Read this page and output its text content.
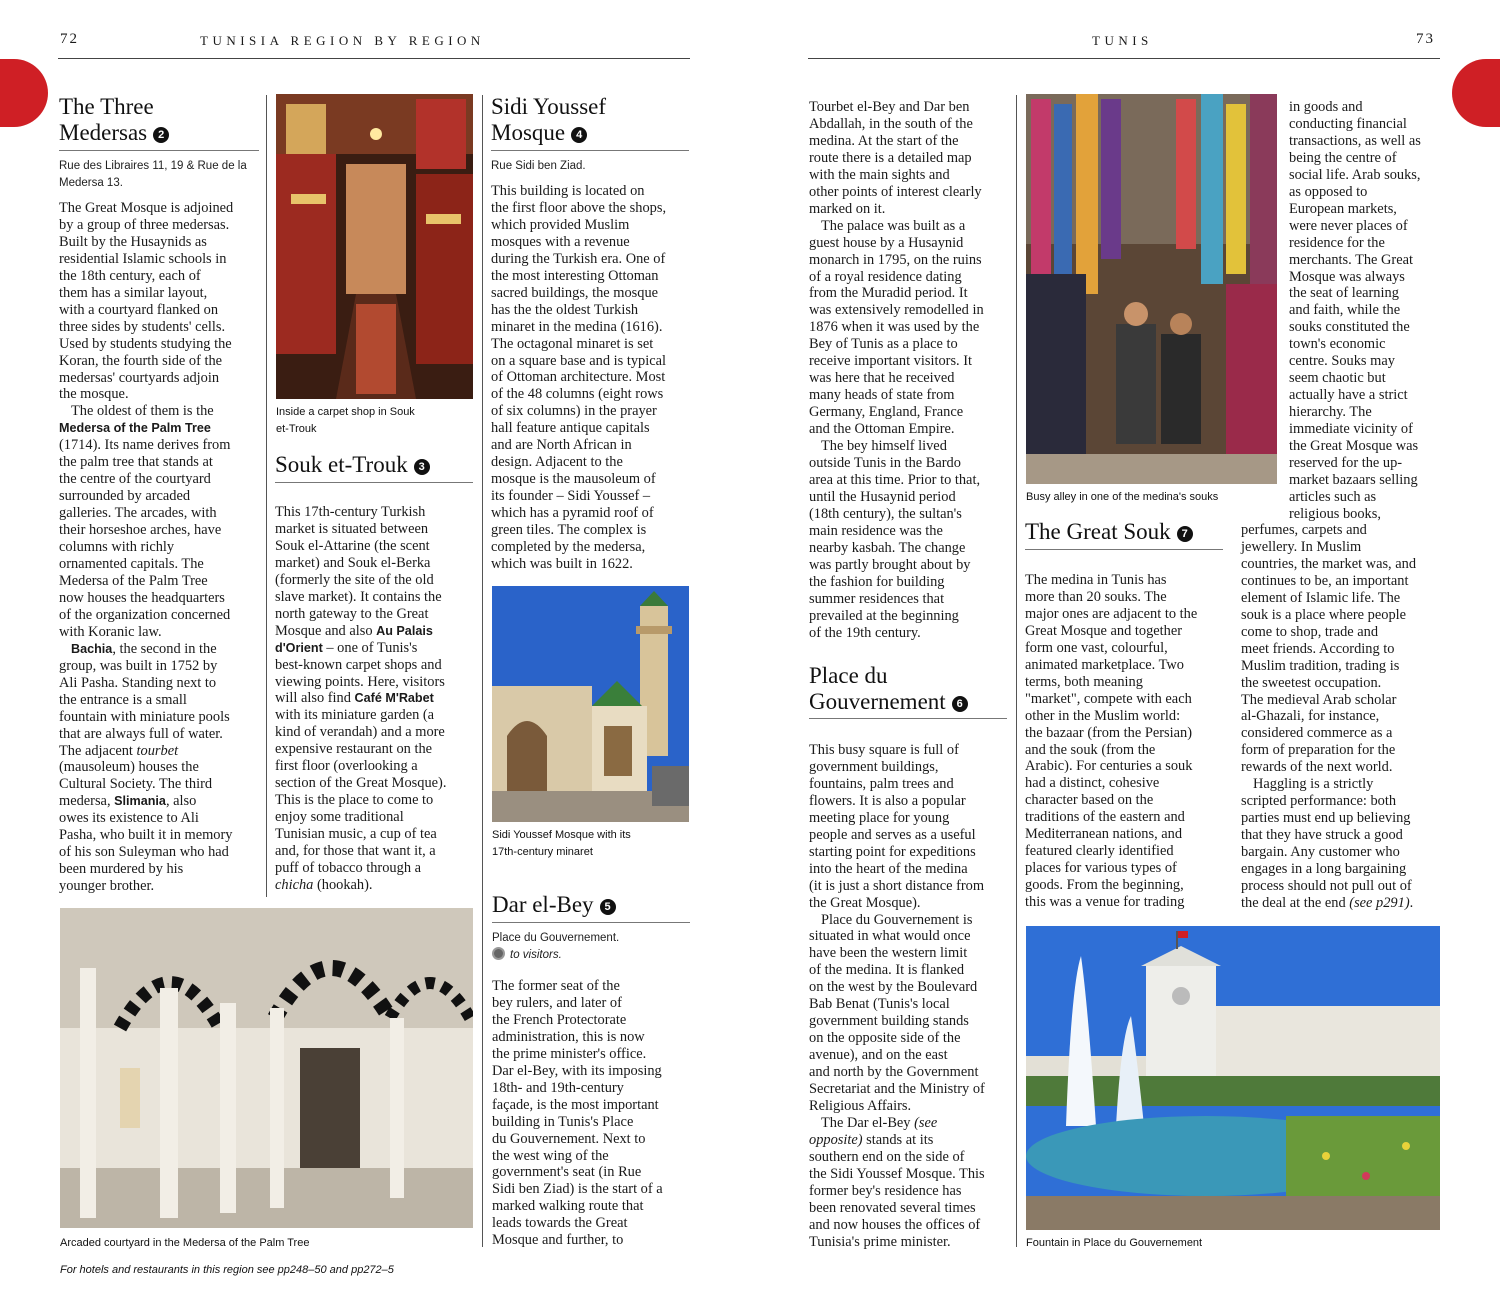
72	TUNISIA REGION BY REGION	TUNIS	73
The Three
Medersas 2
Rue des Libraires 11, 19 & Rue de la
Medersa 13.
The Great Mosque is adjoined
by a group of three medersas.
Built by the Husaynids as
residential Islamic schools in
the 18th century, each of
them has a similar layout,
with a courtyard flanked on
three sides by students' cells.
Used by students studying the
Koran, the fourth side of the
medersas' courtyards adjoin
the mosque.
The oldest of them is the
Medersa of the Palm Tree
(1714). Its name derives from
the palm tree that stands at
the centre of the courtyard
surrounded by arcaded
galleries. The arcades, with
their horseshoe arches, have
columns with richly
ornamented capitals. The
Medersa of the Palm Tree
now houses the headquarters
of the organization concerned
with Koranic law.
Bachia, the second in the
group, was built in 1752 by
Ali Pasha. Standing next to
the entrance is a small
fountain with miniature pools
that are always full of water.
The adjacent tourbet
(mausoleum) houses the
Cultural Society. The third
medersa, Slimania, also
owes its existence to Ali
Pasha, who built it in memory
of his son Suleyman who had
been murdered by his
younger brother.
Inside a carpet shop in Souk
et-Trouk
Souk et-Trouk 3
This 17th-century Turkish
market is situated between
Souk el-Attarine (the scent
market) and Souk el-Berka
(formerly the site of the old
slave market). It contains the
north gateway to the Great
Mosque and also Au Palais
d'Orient – one of Tunis's
best-known carpet shops and
viewing points. Here, visitors
will also find Café M'Rabet
with its miniature garden (a
kind of verandah) and a more
expensive restaurant on the
first floor (overlooking a
section of the Great Mosque).
This is the place to come to
enjoy some traditional
Tunisian music, a cup of tea
and, for those that want it, a
puff of tobacco through a
chicha (hookah).
Sidi Youssef
Mosque 4
Rue Sidi ben Ziad.
This building is located on
the first floor above the shops,
which provided Muslim
mosques with a revenue
during the Turkish era. One of
the most interesting Ottoman
sacred buildings, the mosque
has the the oldest Turkish
minaret in the medina (1616).
The octagonal minaret is set
on a square base and is typical
of Ottoman architecture. Most
of the 48 columns (eight rows
of six columns) in the prayer
hall feature antique capitals
and are North African in
design. Adjacent to the
mosque is the mausoleum of
its founder – Sidi Youssef –
which has a pyramid roof of
green tiles. The complex is
completed by the medersa,
which was built in 1622.
Sidi Youssef Mosque with its
17th-century minaret
Dar el-Bey 5
Place du Gouvernement.
to visitors.
The former seat of the
bey rulers, and later of
the French Protectorate
administration, this is now
the prime minister's office.
Dar el-Bey, with its imposing
18th- and 19th-century
façade, is the most important
building in Tunis's Place
du Gouvernement. Next to
the west wing of the
government's seat (in Rue
Sidi ben Ziad) is the start of a
marked walking route that
leads towards the Great
Mosque and further, to
Arcaded courtyard in the Medersa of the Palm Tree
For hotels and restaurants in this region see pp248–50 and pp272–5
Tourbet el-Bey and Dar ben
Abdallah, in the south of the
medina. At the start of the
route there is a detailed map
with the main sights and
other points of interest clearly
marked on it.
The palace was built as a
guest house by a Husaynid
monarch in 1795, on the ruins
of a royal residence dating
from the Muradid period. It
was extensively remodelled in
1876 when it was used by the
Bey of Tunis as a place to
receive important visitors. It
was here that he received
many heads of state from
Germany, England, France
and the Ottoman Empire.
The bey himself lived
outside Tunis in the Bardo
area at this time. Prior to that,
until the Husaynid period
(18th century), the sultan's
main residence was the
nearby kasbah. The change
was partly brought about by
the fashion for building
summer residences that
prevailed at the beginning
of the 19th century.
Place du
Gouvernement 6
This busy square is full of
government buildings,
fountains, palm trees and
flowers. It is also a popular
meeting place for young
people and serves as a useful
starting point for expeditions
into the heart of the medina
(it is just a short distance from
the Great Mosque).
Place du Gouvernement is
situated in what would once
have been the western limit
of the medina. It is flanked
on the west by the Boulevard
Bab Benat (Tunis's local
government building stands
on the opposite side of the
avenue), and on the east
and north by the Government
Secretariat and the Ministry of
Religious Affairs.
The Dar el-Bey (see
opposite) stands at its
southern end on the side of
the Sidi Youssef Mosque. This
former bey's residence has
been renovated several times
and now houses the offices of
Tunisia's prime minister.
Busy alley in one of the medina's souks
The Great Souk 7
The medina in Tunis has
more than 20 souks. The
major ones are adjacent to the
Great Mosque and together
form one vast, colourful,
animated marketplace. Two
terms, both meaning
"market", compete with each
other in the Muslim world:
the bazaar (from the Persian)
and the souk (from the
Arabic). For centuries a souk
had a distinct, cohesive
character based on the
traditions of the eastern and
Mediterranean nations, and
featured clearly identified
places for various types of
goods. From the beginning,
this was a venue for trading
in goods and
conducting financial
transactions, as well as
being the centre of
social life. Arab souks,
as opposed to
European markets,
were never places of
residence for the
merchants. The Great
Mosque was always
the seat of learning
and faith, while the
souks constituted the
town's economic
centre. Souks may
seem chaotic but
actually have a strict
hierarchy. The
immediate vicinity of
the Great Mosque was
reserved for the up-
market bazaars selling
articles such as
religious books,
perfumes, carpets and
jewellery. In Muslim
countries, the market was, and
continues to be, an important
element of Islamic life. The
souk is a place where people
come to shop, trade and
meet friends. According to
Muslim tradition, trading is
the sweetest occupation.
The medieval Arab scholar
al-Ghazali, for instance,
considered commerce as a
form of preparation for the
rewards of the next world.
Haggling is a strictly
scripted performance: both
parties must end up believing
that they have struck a good
bargain. Any customer who
engages in a long bargaining
process should not pull out of
the deal at the end (see p291).
Fountain in Place du Gouvernement
